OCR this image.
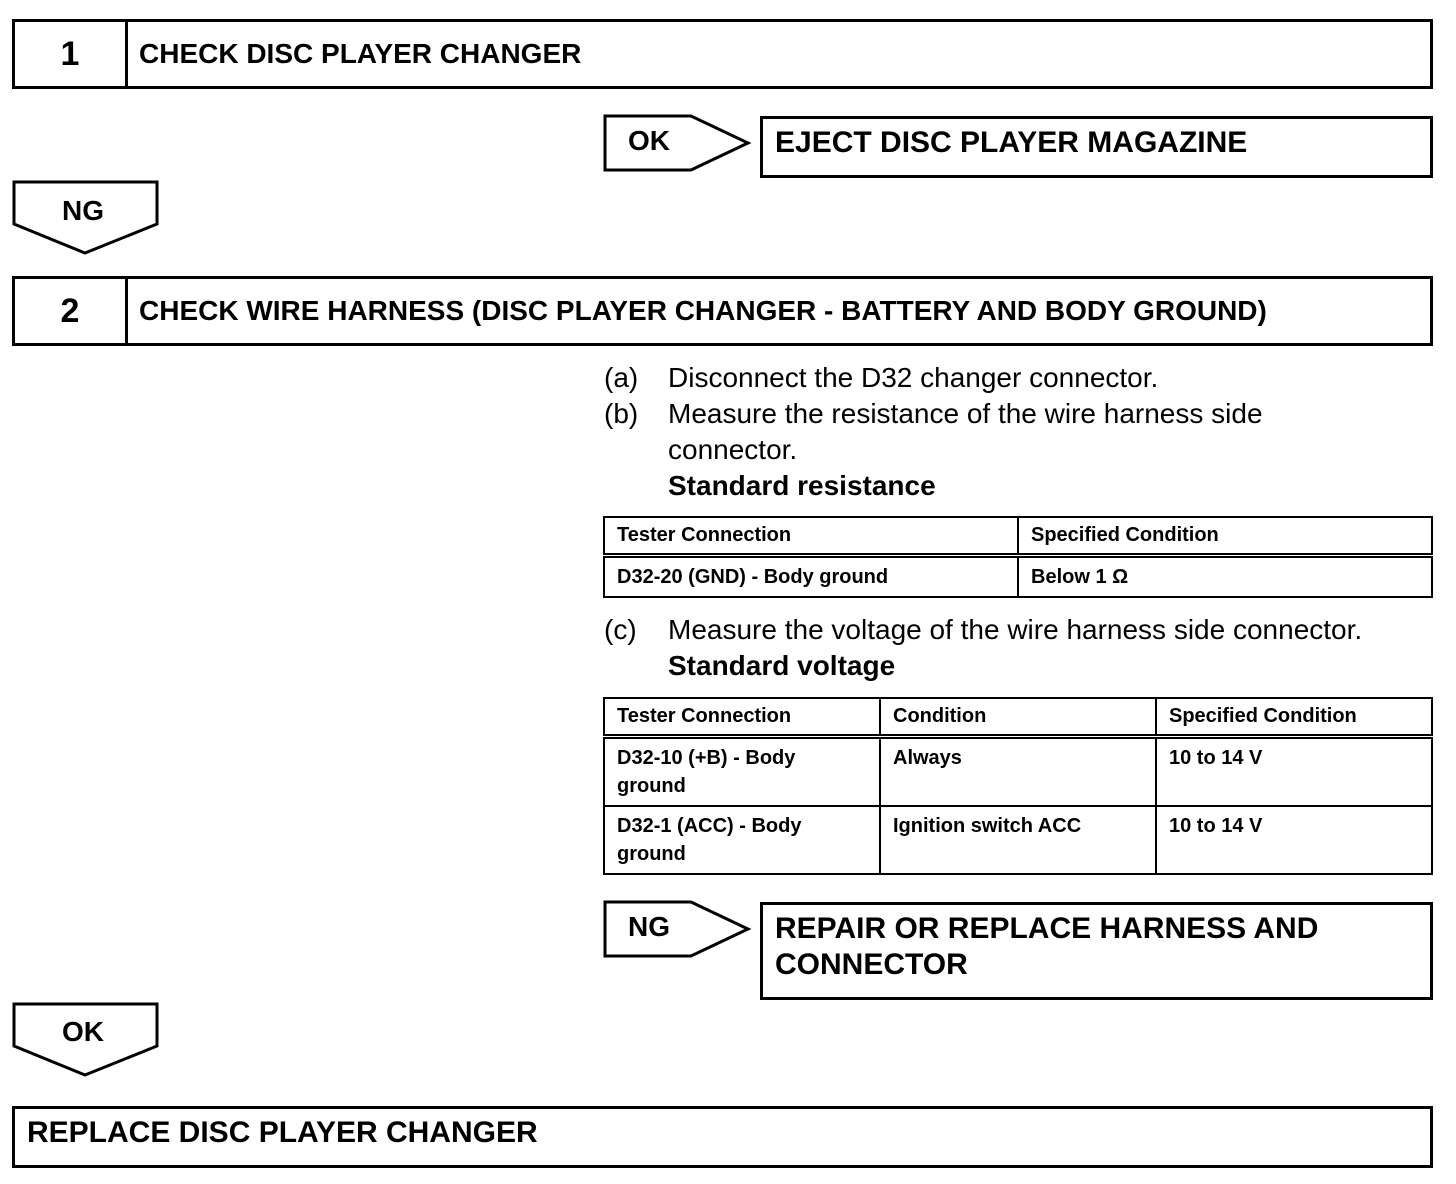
1	CHECK DISC PLAYER CHANGER
OK	EJECT DISC PLAYER MAGAZINE
NG
2	CHECK WIRE HARNESS (DISC PLAYER CHANGER - BATTERY AND BODY GROUND)
(a)	Disconnect the D32 changer connector.
(b)	Measure the resistance of the wire harness side
connector.
Standard resistance
Tester Connection	Specified Condition
D32-20 (GND) - Body ground	Below 1 Ω
(c)	Measure the voltage of the wire harness side connector.
Standard voltage
Tester Connection	Condition	Specified Condition
D32-10 (+B) - Body ground	Always	10 to 14 V
D32-1 (ACC) - Body ground	Ignition switch ACC	10 to 14 V
NG	REPAIR OR REPLACE HARNESS AND
CONNECTOR
OK
REPLACE DISC PLAYER CHANGER
